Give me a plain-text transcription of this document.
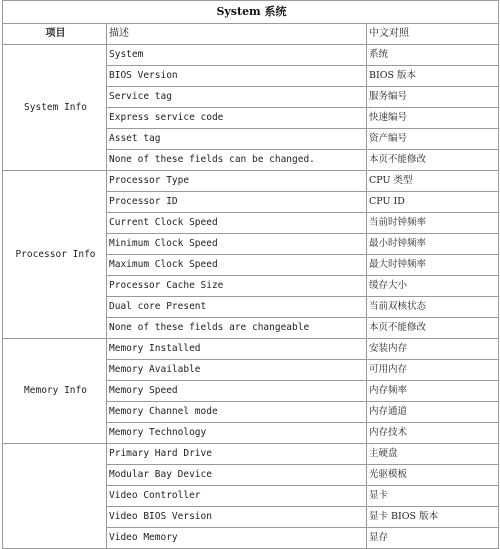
System 系统		
项目	描述	中文对照
System Info	System	系统
	BIOS Version	BIOS 版本
	Service tag	服务编号
	Express service code	快速编号
	Asset tag	资产编号
	None of these fields can be changed.	本页不能修改
Processor Info	Processor Type	CPU 类型
	Processor ID	CPU ID
	Current Clock Speed	当前时钟频率
	Minimum Clock Speed	最小时钟频率
	Maximum Clock Speed	最大时钟频率
	Processor Cache Size	缓存大小
	Dual core Present	当前双核状态
	None of these fields are changeable	本页不能修改
Memory Info	Memory Installed	安装内存
	Memory Available	可用内存
	Memory Speed	内存频率
	Memory Channel mode	内存通道
	Memory Technology	内存技术
	Primary Hard Drive	主硬盘
	Modular Bay Device	光驱模板
	Video Controller	显卡
	Video BIOS Version	显卡 BIOS 版本
	Video Memory	显存
